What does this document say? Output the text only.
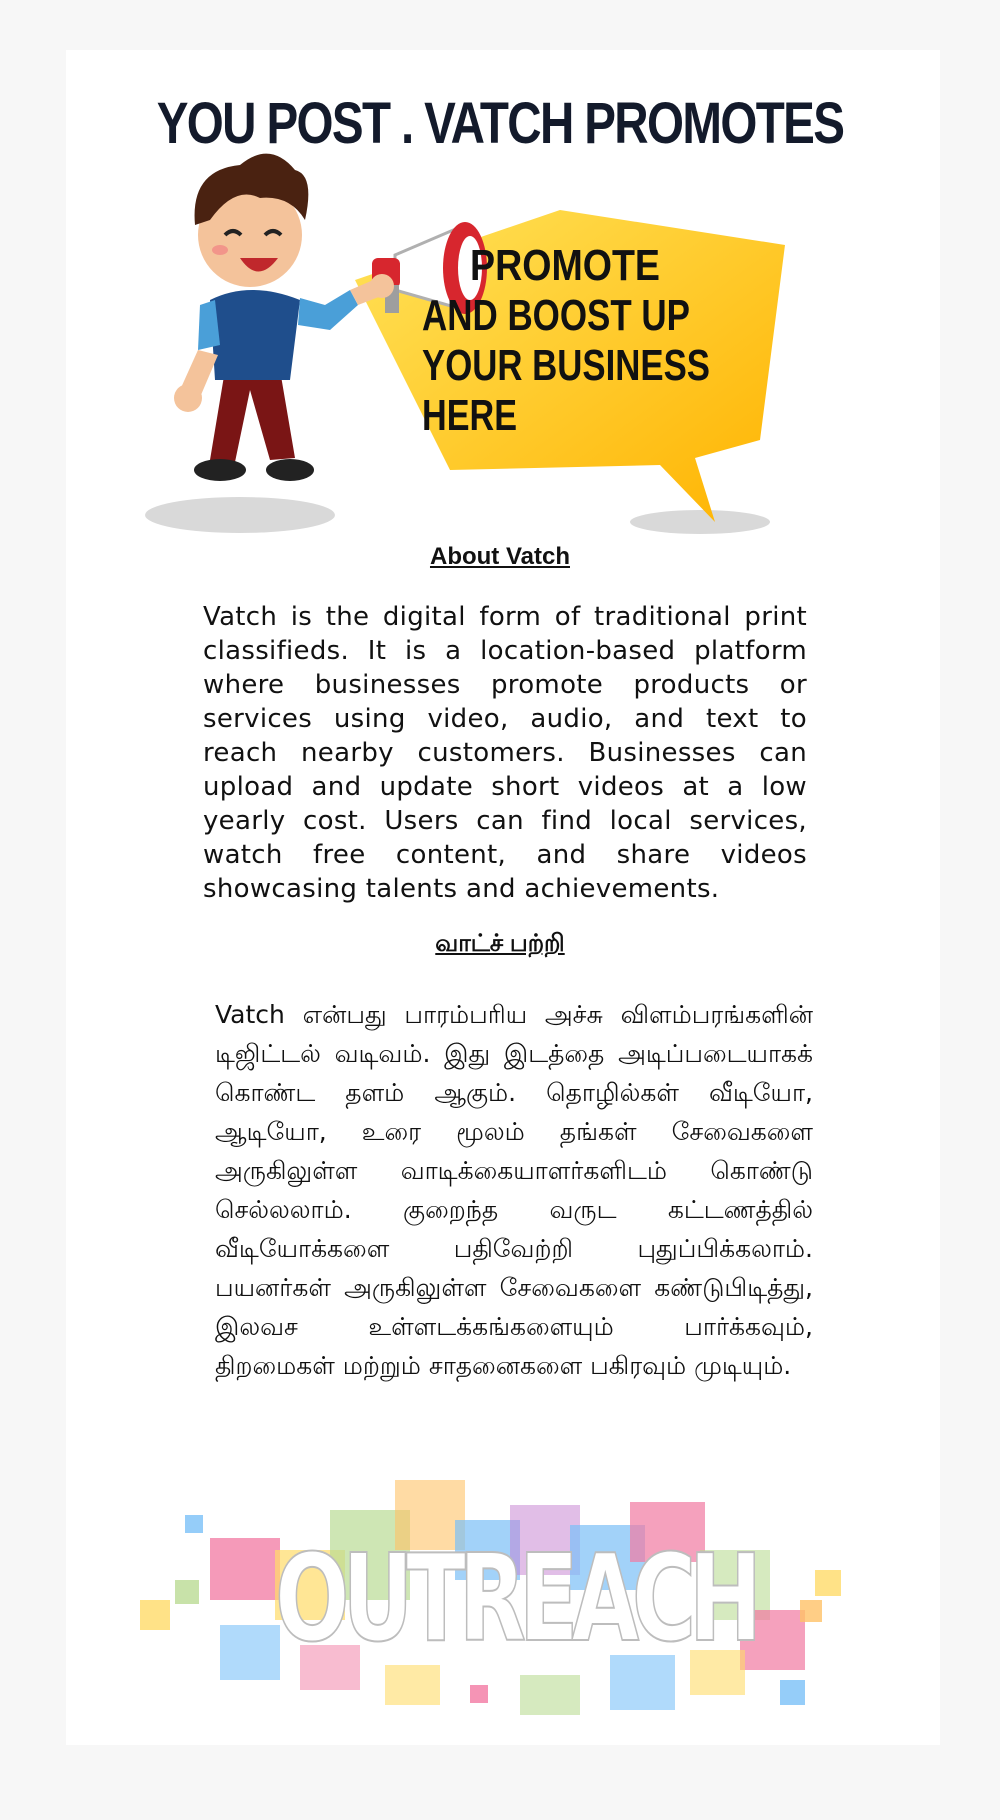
YOU POST . VATCH PROMOTES
PROMOTE
AND BOOST UP
YOUR BUSINESS
HERE
About Vatch
Vatch is the digital form of traditional print classifieds. It is a location-based platform where businesses promote products or services using video, audio, and text to reach nearby customers. Businesses can upload and update short videos at a low yearly cost. Users can find local services, watch free content, and share videos showcasing talents and achievements.
வாட்ச் பற்றி
Vatch என்பது பாரம்பரிய அச்சு விளம்பரங்களின் டிஜிட்டல் வடிவம். இது இடத்தை அடிப்படையாகக் கொண்ட தளம் ஆகும். தொழில்கள் வீடியோ, ஆடியோ, உரை மூலம் தங்கள் சேவைகளை அருகிலுள்ள வாடிக்கையாளர்களிடம் கொண்டு செல்லலாம். குறைந்த வருட கட்டணத்தில் வீடியோக்களை பதிவேற்றி புதுப்பிக்கலாம். பயனர்கள் அருகிலுள்ள சேவைகளை கண்டுபிடித்து, இலவச உள்ளடக்கங்களையும் பார்க்கவும், திறமைகள் மற்றும் சாதனைகளை பகிரவும் முடியும்.
OUTREACH
